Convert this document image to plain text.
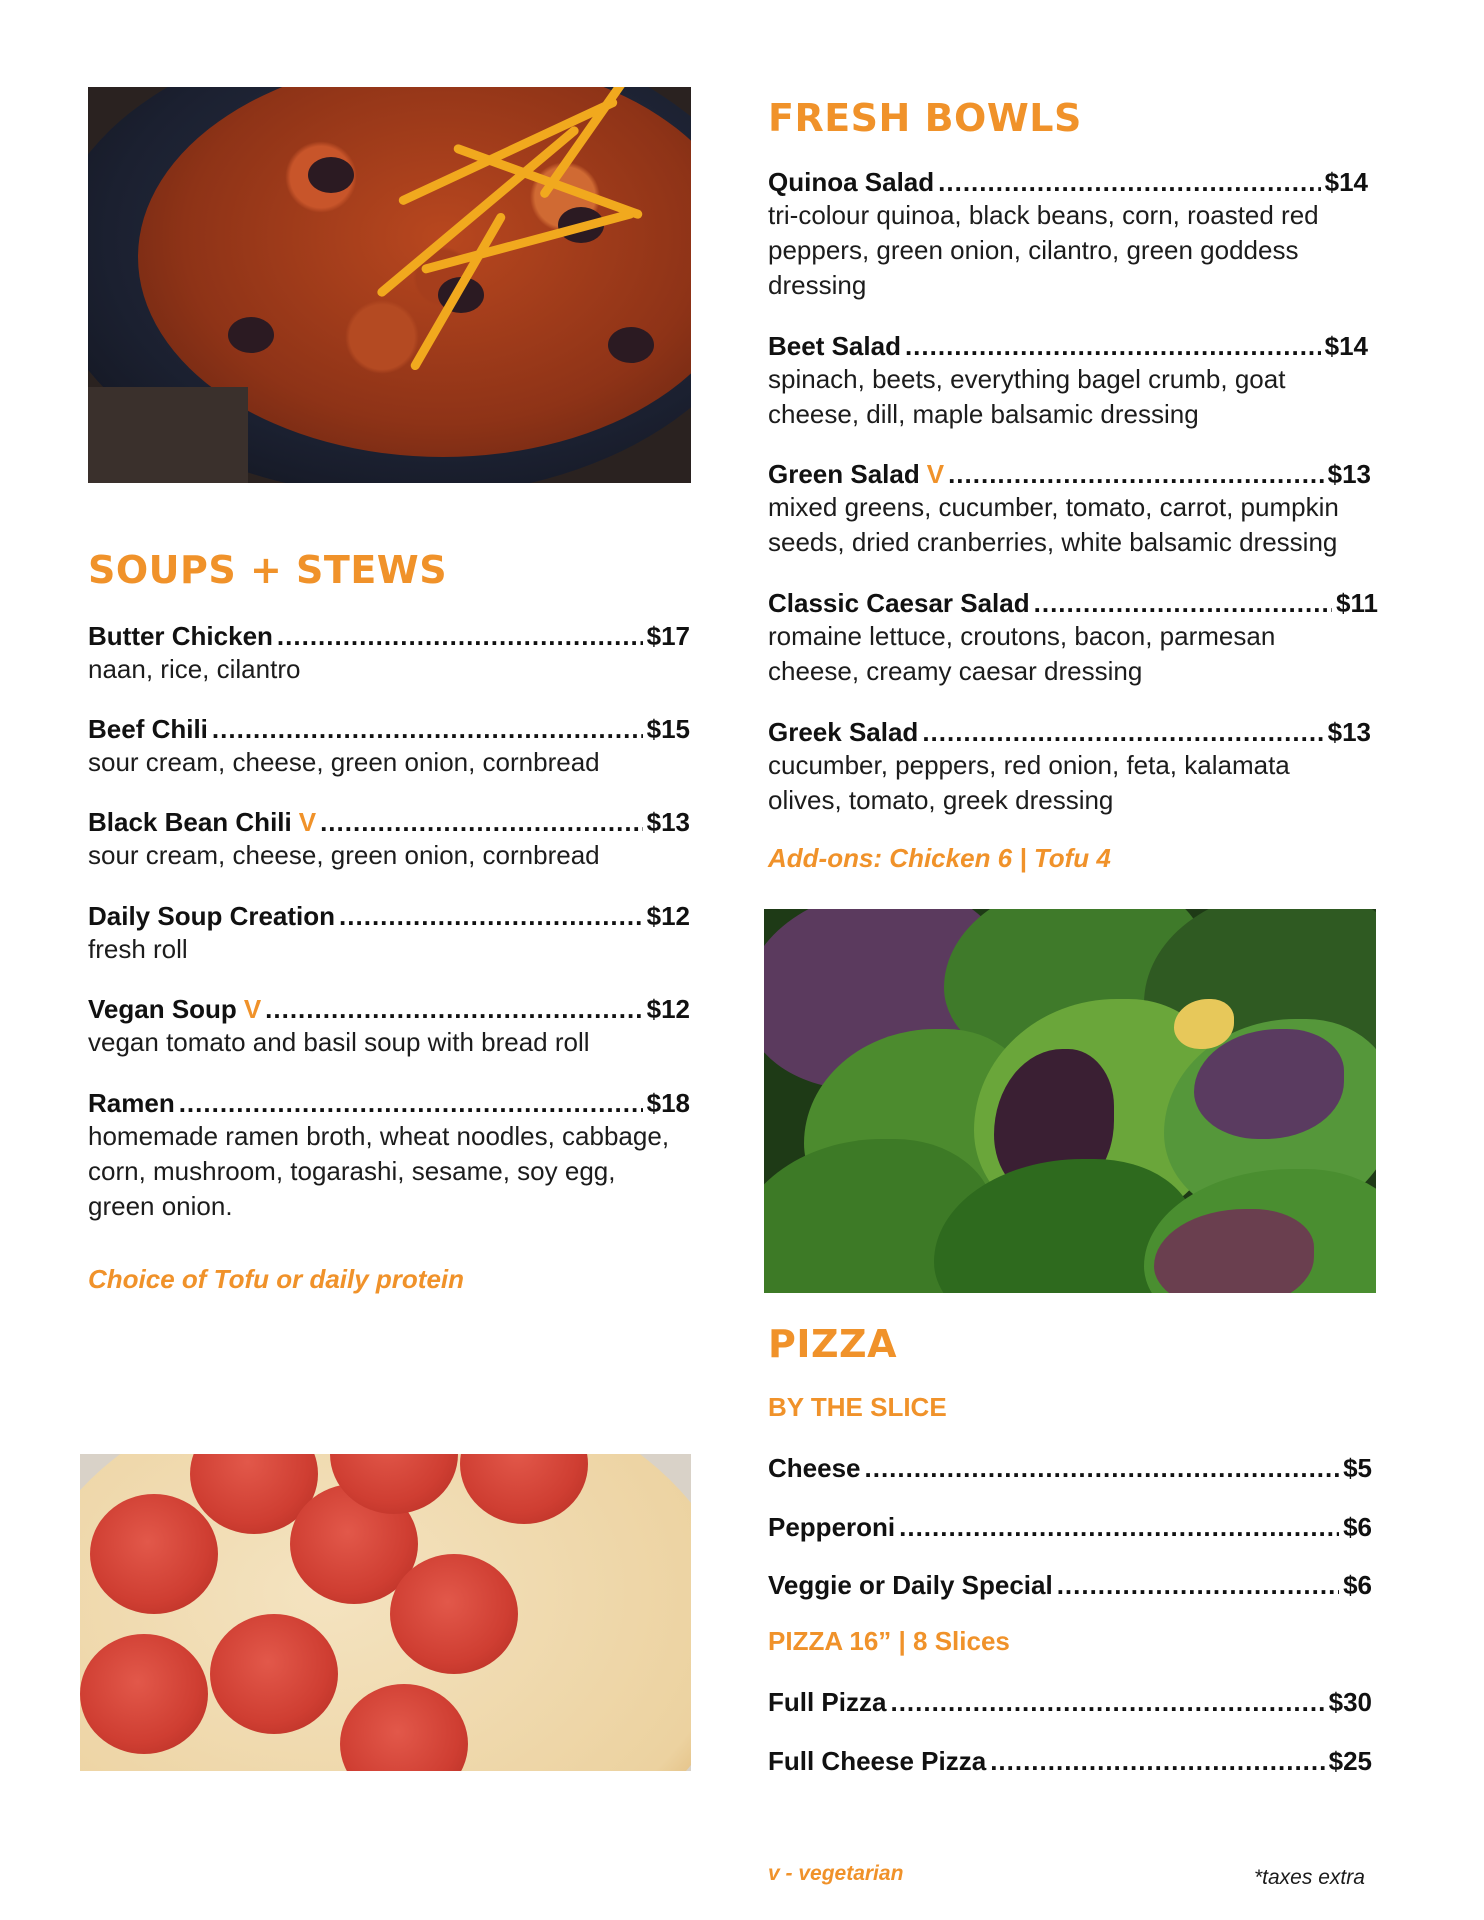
SOUPS + STEWS
Butter Chicken .....	$17
naan, rice, cilantro
Beef Chili .....	$15
sour cream, cheese, green onion, cornbread
Black Bean Chili V .....	$13
sour cream, cheese, green onion, cornbread
Daily Soup Creation .....	$12
fresh roll
Vegan Soup V .....	$12
vegan tomato and basil soup with bread roll
Ramen .....	$18
homemade ramen broth, wheat noodles, cabbage, corn, mushroom, togarashi, sesame, soy egg, green onion.
Choice of Tofu or daily protein
FRESH BOWLS
Quinoa Salad .....	$14
tri-colour quinoa, black beans, corn, roasted red peppers, green onion, cilantro, green goddess dressing
Beet Salad .....	$14
spinach, beets, everything bagel crumb, goat cheese, dill, maple balsamic dressing
Green Salad V .....	$13
mixed greens, cucumber, tomato, carrot, pumpkin seeds, dried cranberries, white balsamic dressing
Classic Caesar Salad .....	$11
romaine lettuce, croutons, bacon, parmesan cheese, creamy caesar dressing
Greek Salad .....	$13
cucumber, peppers, red onion, feta, kalamata olives, tomato, greek dressing
Add-ons: Chicken 6 | Tofu 4
PIZZA
BY THE SLICE
Cheese .....	$5
Pepperoni .....	$6
Veggie or Daily Special .....	$6
PIZZA 16” | 8 Slices
Full Pizza .....	$30
Full Cheese Pizza .....	$25
v - vegetarian	*taxes extra
